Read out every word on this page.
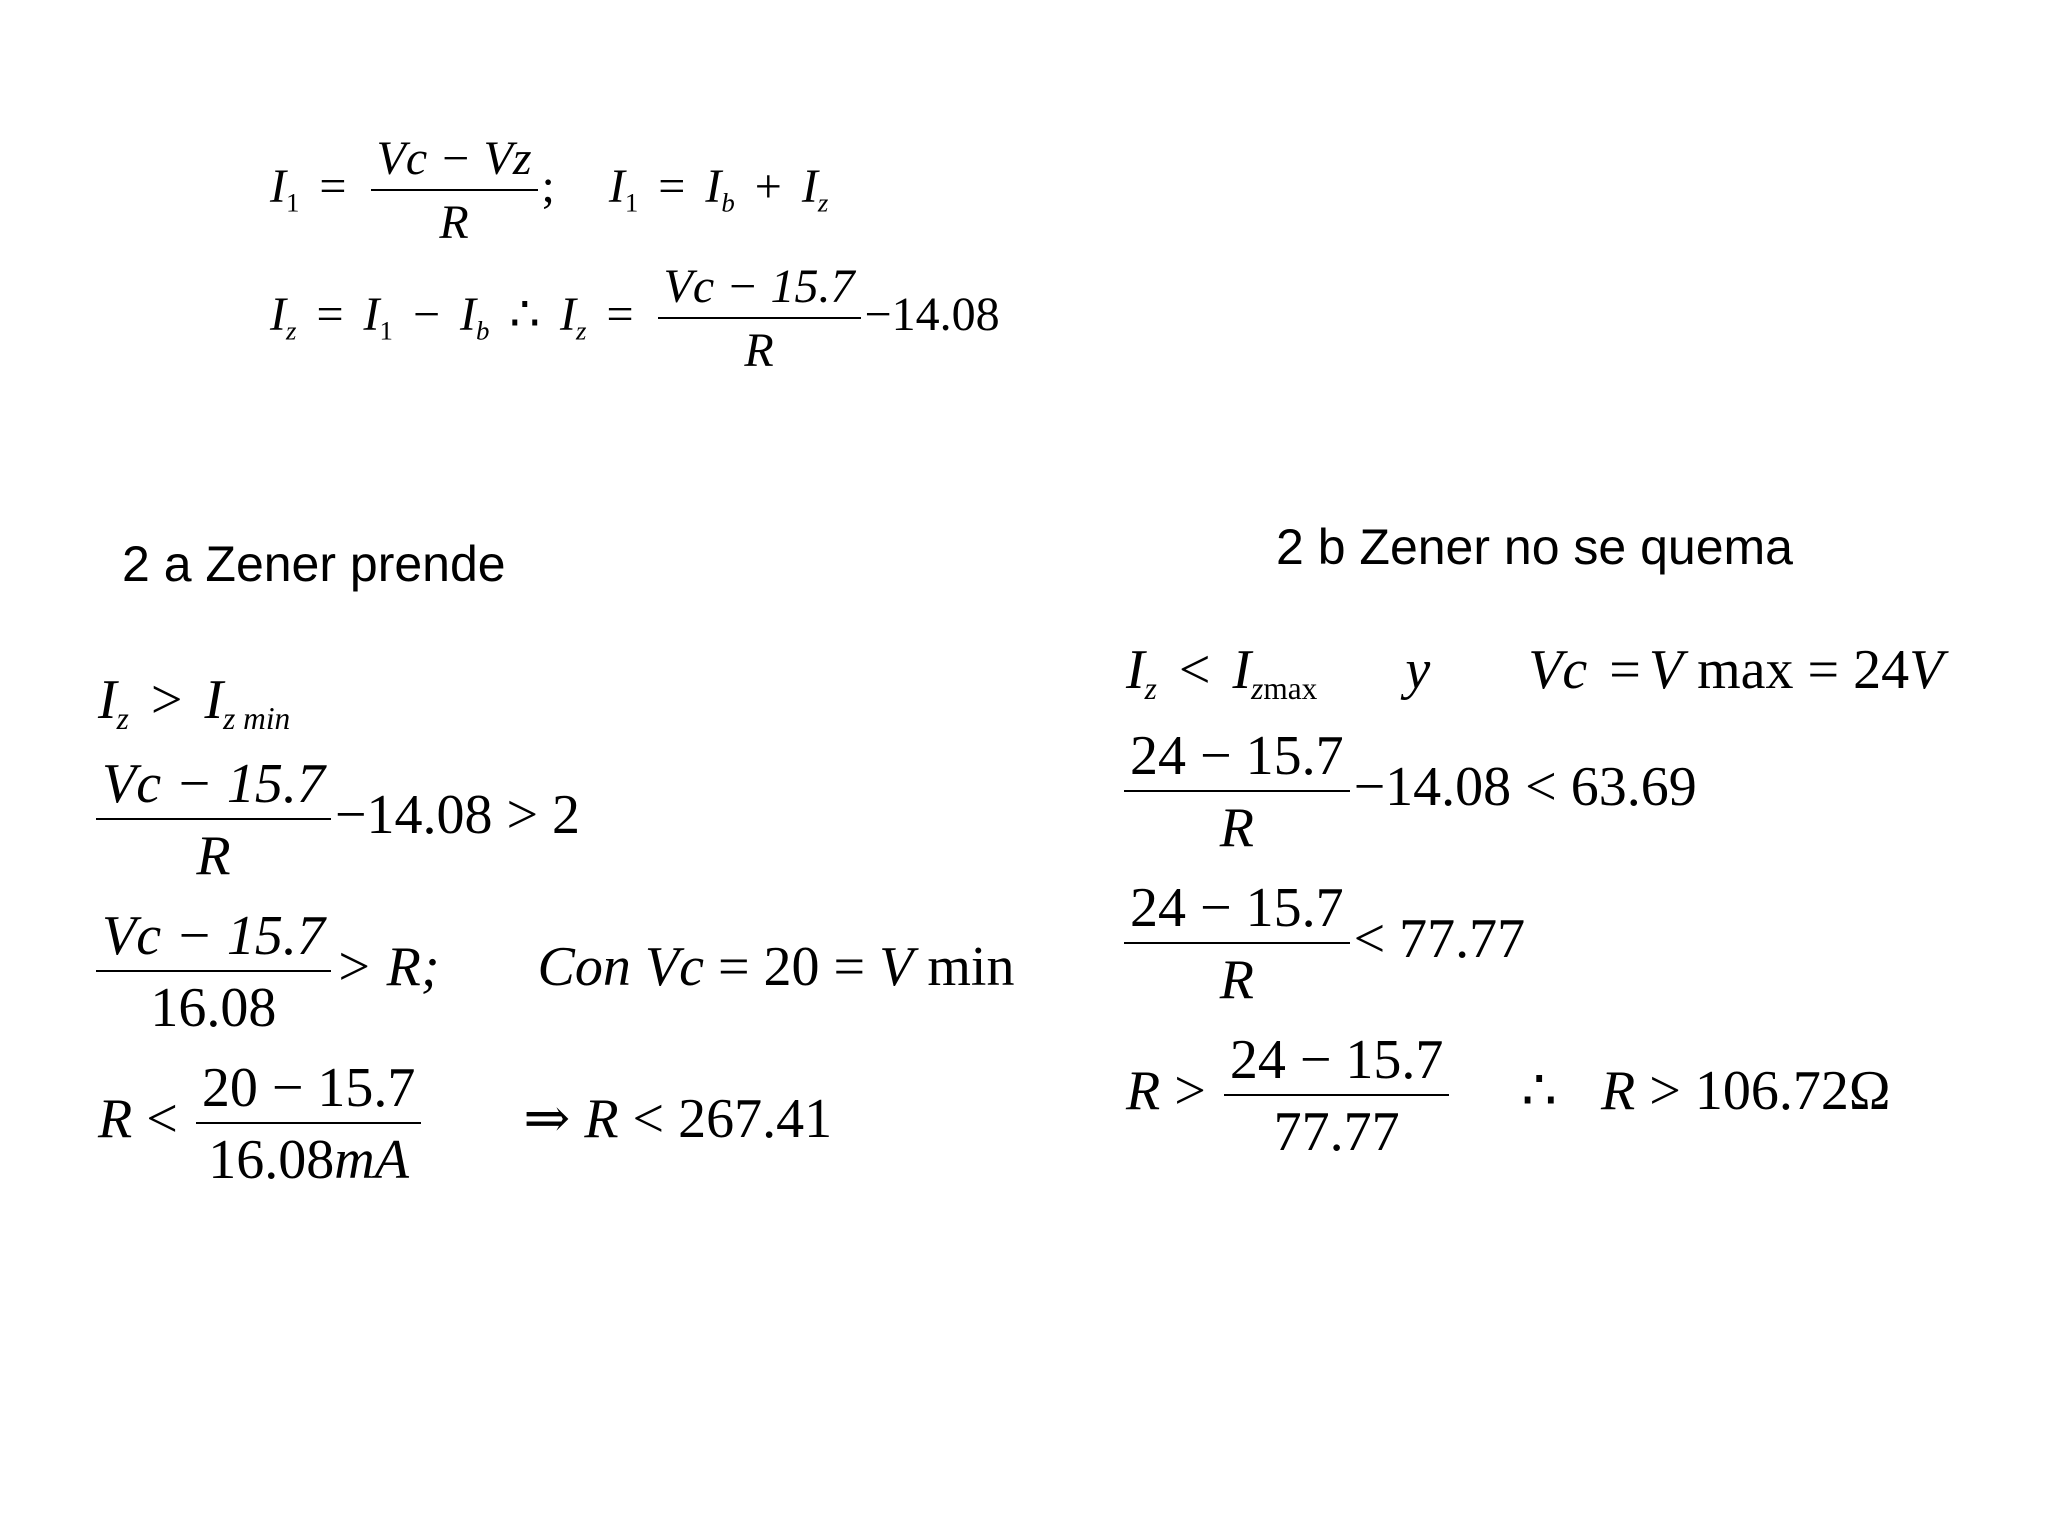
$I_1 = \frac{Vc - Vz}{R}$ ; $I_1 = I_b + I_z$
$I_z = I_1 - I_b$ ∴ $I_z = \frac{Vc - 15.7}{R} -14.08$
2 a Zener prende	2 b Zener no se quema
$I_z > I_{z min}$
$\frac{Vc - 15.7}{R} -14.08 > 2$
$\frac{Vc - 15.7}{16.08} > R$; Con Vc = 20 = V min
$R < \frac{20 - 15.7}{16.08mA}$ ⇒ R < 267.41
$I_z < I_{zmax}$ y Vc = V max = 24V
$\frac{24 - 15.7}{R} -14.08 < 63.69$
$\frac{24 - 15.7}{R} < 77.77$
$R > \frac{24 - 15.7}{77.77}$ ∴ R > 106.72Ω
